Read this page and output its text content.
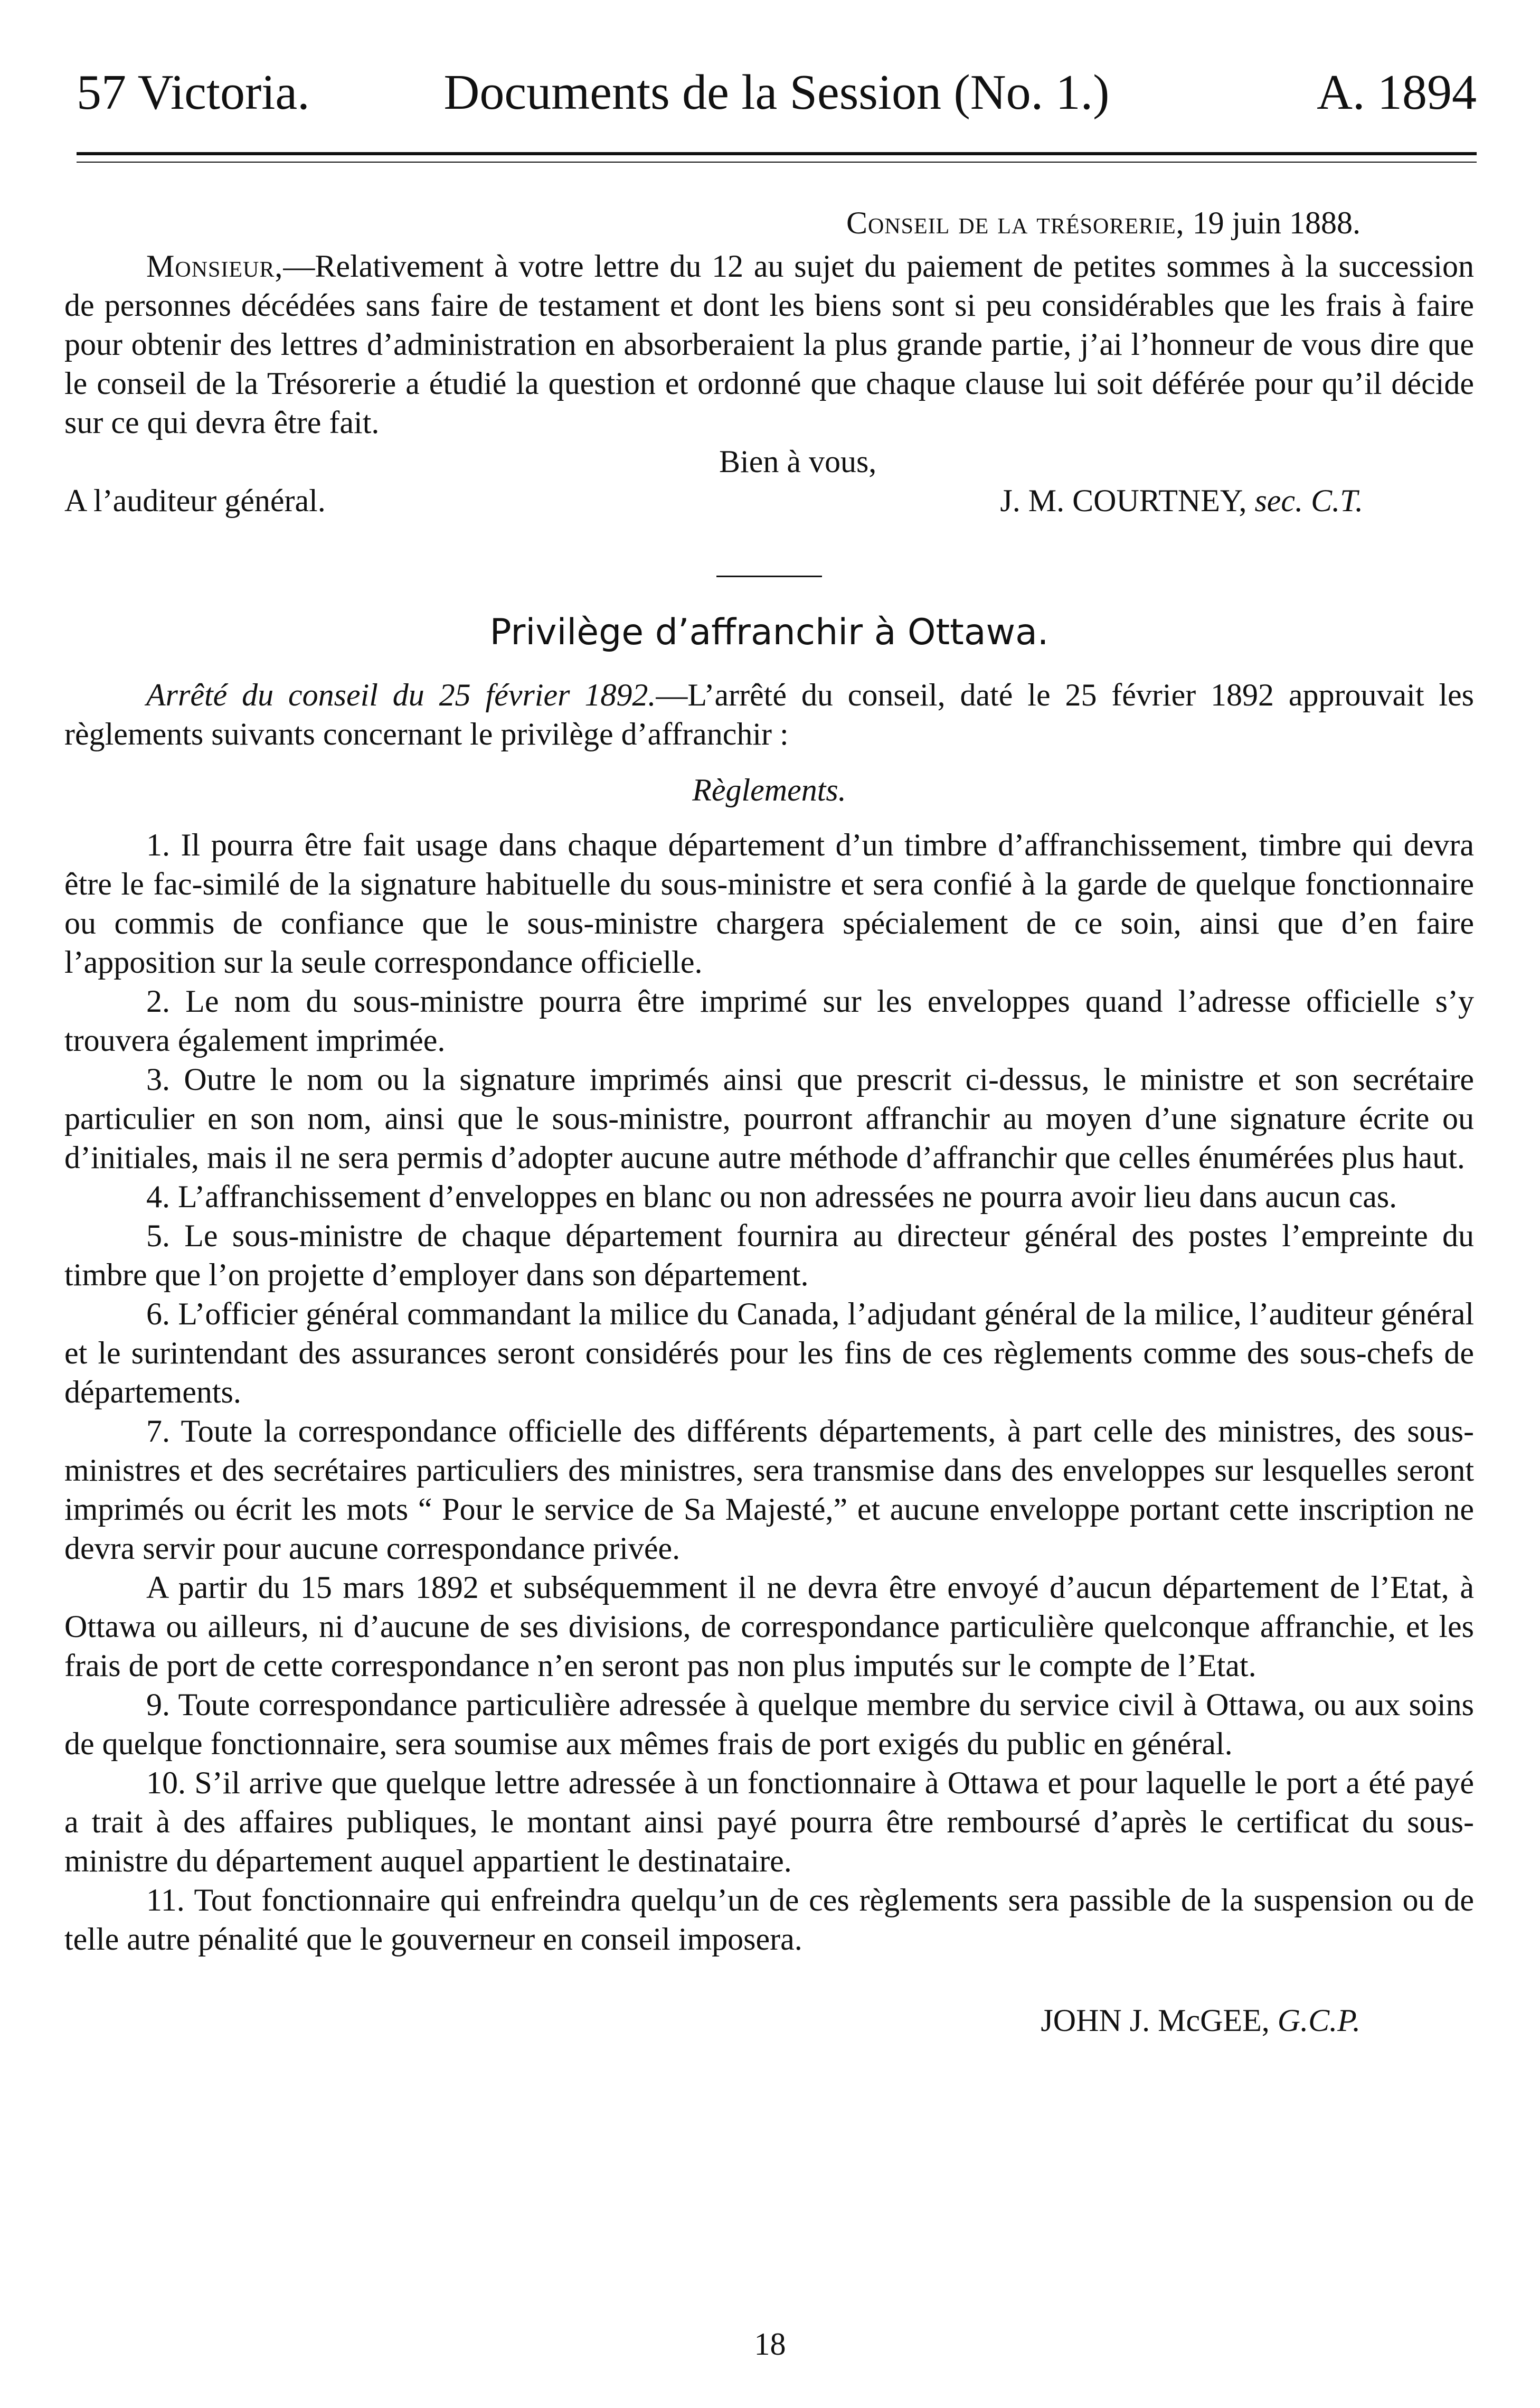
57 Victoria.	Documents de la Session (No. 1.)	A. 1894

Conseil de la trésorerie, 19 juin 1888.

Monsieur,—Relativement à votre lettre du 12 au sujet du paiement de petites sommes à la succession de personnes décédées sans faire de testament et dont les biens sont si peu considérables que les frais à faire pour obtenir des lettres d’administration en absorberaient la plus grande partie, j’ai l’honneur de vous dire que le conseil de la Trésorerie a étudié la question et ordonné que chaque clause lui soit déférée pour qu’il décide sur ce qui devra être fait.

Bien à vous,

A l’auditeur général.	J. M. COURTNEY, sec. C.T.

Privilège d’affranchir à Ottawa.

Arrêté du conseil du 25 février 1892.—L’arrêté du conseil, daté le 25 février 1892 approuvait les règlements suivants concernant le privilège d’affranchir :

Règlements.

1. Il pourra être fait usage dans chaque département d’un timbre d’affranchissement, timbre qui devra être le fac-similé de la signature habituelle du sous-ministre et sera confié à la garde de quelque fonctionnaire ou commis de confiance que le sous-ministre chargera spécialement de ce soin, ainsi que d’en faire l’apposition sur la seule correspondance officielle.

2. Le nom du sous-ministre pourra être imprimé sur les enveloppes quand l’adresse officielle s’y trouvera également imprimée.

3. Outre le nom ou la signature imprimés ainsi que prescrit ci-dessus, le ministre et son secrétaire particulier en son nom, ainsi que le sous-ministre, pourront affranchir au moyen d’une signature écrite ou d’initiales, mais il ne sera permis d’adopter aucune autre méthode d’affranchir que celles énumérées plus haut.

4. L’affranchissement d’enveloppes en blanc ou non adressées ne pourra avoir lieu dans aucun cas.

5. Le sous-ministre de chaque département fournira au directeur général des postes l’empreinte du timbre que l’on projette d’employer dans son département.

6. L’officier général commandant la milice du Canada, l’adjudant général de la milice, l’auditeur général et le surintendant des assurances seront considérés pour les fins de ces règlements comme des sous-chefs de départements.

7. Toute la correspondance officielle des différents départements, à part celle des ministres, des sous-ministres et des secrétaires particuliers des ministres, sera transmise dans des enveloppes sur lesquelles seront imprimés ou écrit les mots “ Pour le service de Sa Majesté,” et aucune enveloppe portant cette inscription ne devra servir pour aucune correspondance privée.

A partir du 15 mars 1892 et subséquemment il ne devra être envoyé d’aucun département de l’Etat, à Ottawa ou ailleurs, ni d’aucune de ses divisions, de correspondance particulière quelconque affranchie, et les frais de port de cette correspondance n’en seront pas non plus imputés sur le compte de l’Etat.

9. Toute correspondance particulière adressée à quelque membre du service civil à Ottawa, ou aux soins de quelque fonctionnaire, sera soumise aux mêmes frais de port exigés du public en général.

10. S’il arrive que quelque lettre adressée à un fonctionnaire à Ottawa et pour laquelle le port a été payé a trait à des affaires publiques, le montant ainsi payé pourra être remboursé d’après le certificat du sous-ministre du département auquel appartient le destinataire.

11. Tout fonctionnaire qui enfreindra quelqu’un de ces règlements sera passible de la suspension ou de telle autre pénalité que le gouverneur en conseil imposera.

JOHN J. McGEE, G.C.P.

18
